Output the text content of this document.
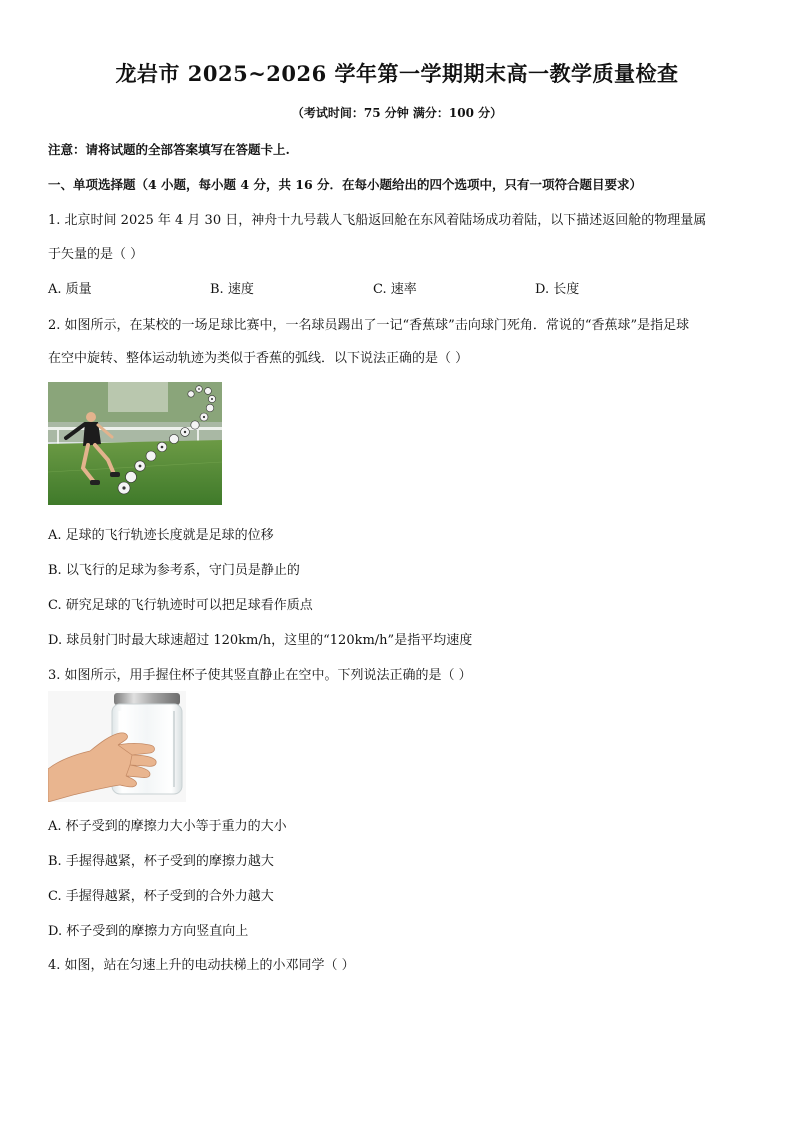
龙岩市 2025~2026 学年第一学期期末高一教学质量检查
（考试时间：75 分钟 满分：100 分）
注意：请将试题的全部答案填写在答题卡上.
一、单项选择题（4 小题，每小题 4 分，共 16 分．在每小题给出的四个选项中，只有一项符合题目要求）
1. 北京时间 2025 年 4 月 30 日，神舟十九号载人飞船返回舱在东风着陆场成功着陆，以下描述返回舱的物理量属
于矢量的是（ ）
A. 质量	B. 速度	C. 速率	D. 长度
2. 如图所示，在某校的一场足球比赛中，一名球员踢出了一记“香蕉球”击向球门死角．常说的“香蕉球”是指足球
在空中旋转、整体运动轨迹为类似于香蕉的弧线．以下说法正确的是（ ）
A. 足球的飞行轨迹长度就是足球的位移
B. 以飞行的足球为参考系，守门员是静止的
C. 研究足球的飞行轨迹时可以把足球看作质点
D. 球员射门时最大球速超过 120km/h，这里的“120km/h”是指平均速度
3. 如图所示，用手握住杯子使其竖直静止在空中。下列说法正确的是（ ）
A. 杯子受到的摩擦力大小等于重力的大小
B. 手握得越紧，杯子受到的摩擦力越大
C. 手握得越紧，杯子受到的合外力越大
D. 杯子受到的摩擦力方向竖直向上
4. 如图，站在匀速上升的电动扶梯上的小邓同学（ ）
